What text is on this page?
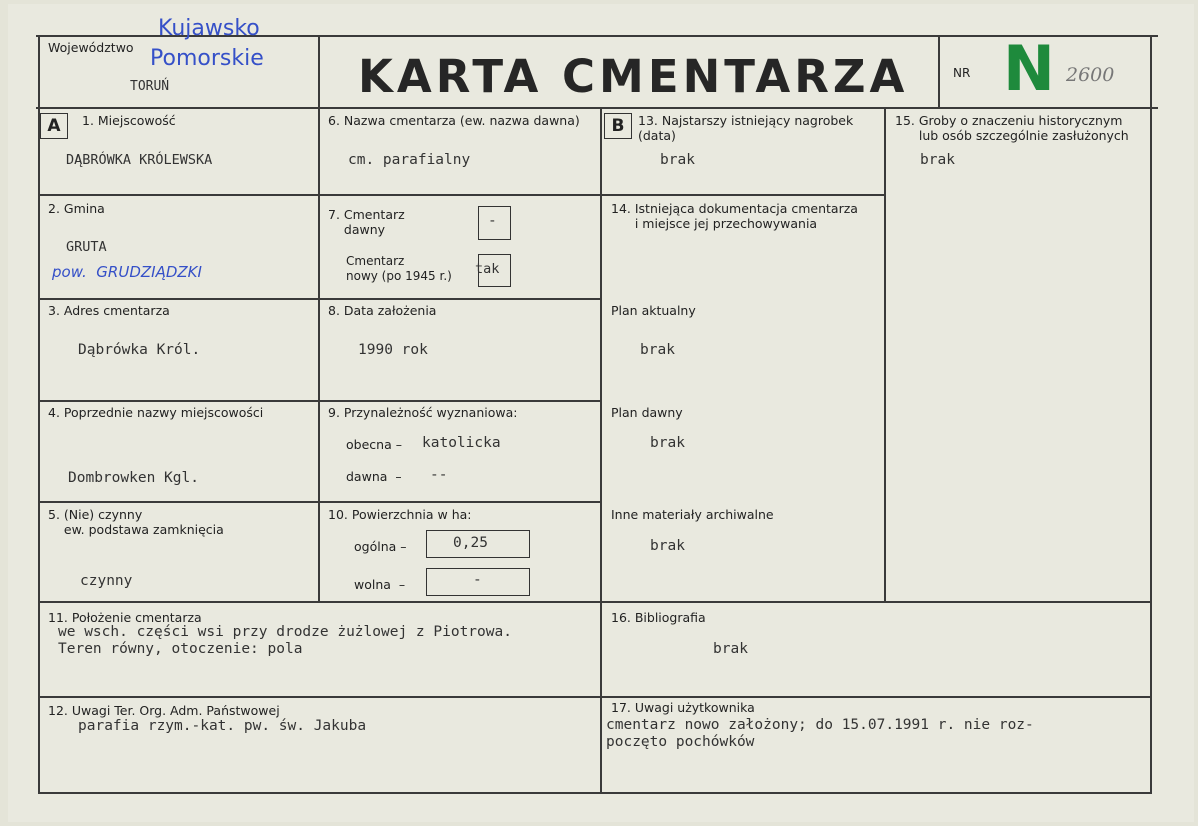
Województwo
Kujawsko
Pomorskie
TORUŃ	KARTA CMENTARZA	NR N 2600
A	B
1. Miejscowość
DĄBRÓWKA KRÓLEWSKA
2. Gmina
GRUTA
pow.  GRUDZIĄDZKI
3. Adres cmentarza
Dąbrówka Król.
4. Poprzednie nazwy miejscowości
Dombrowken Kgl.
5. (Nie) czynny
ew. podstawa zamknięcia
czynny
6. Nazwa cmentarza (ew. nazwa dawna)
cm. parafialny
7. Cmentarz
dawny
-
Cmentarz
nowy (po 1945 r.) tak
8. Data założenia
1990 rok
9. Przynależność wyznaniowa:
obecna – katolicka
dawna  – --
10. Powierzchnia w ha:
ogólna –	0,25
wolna  –	-
13. Najstarszy istniejący nagrobek
(data)
brak
14. Istniejąca dokumentacja cmentarza
i miejsce jej przechowywania
Plan aktualny
brak
Plan dawny
brak
Inne materiały archiwalne
brak
15. Groby o znaczeniu historycznym
lub osób szczególnie zasłużonych
brak
11. Położenie cmentarza
we wsch. części wsi przy drodze żużlowej z Piotrowa.
Teren równy, otoczenie: pola
16. Bibliografia
brak
12. Uwagi Ter. Org. Adm. Państwowej
parafia rzym.-kat. pw. św. Jakuba
17. Uwagi użytkownika
cmentarz nowo założony; do 15.07.1991 r. nie roz-
poczęto pochówków
